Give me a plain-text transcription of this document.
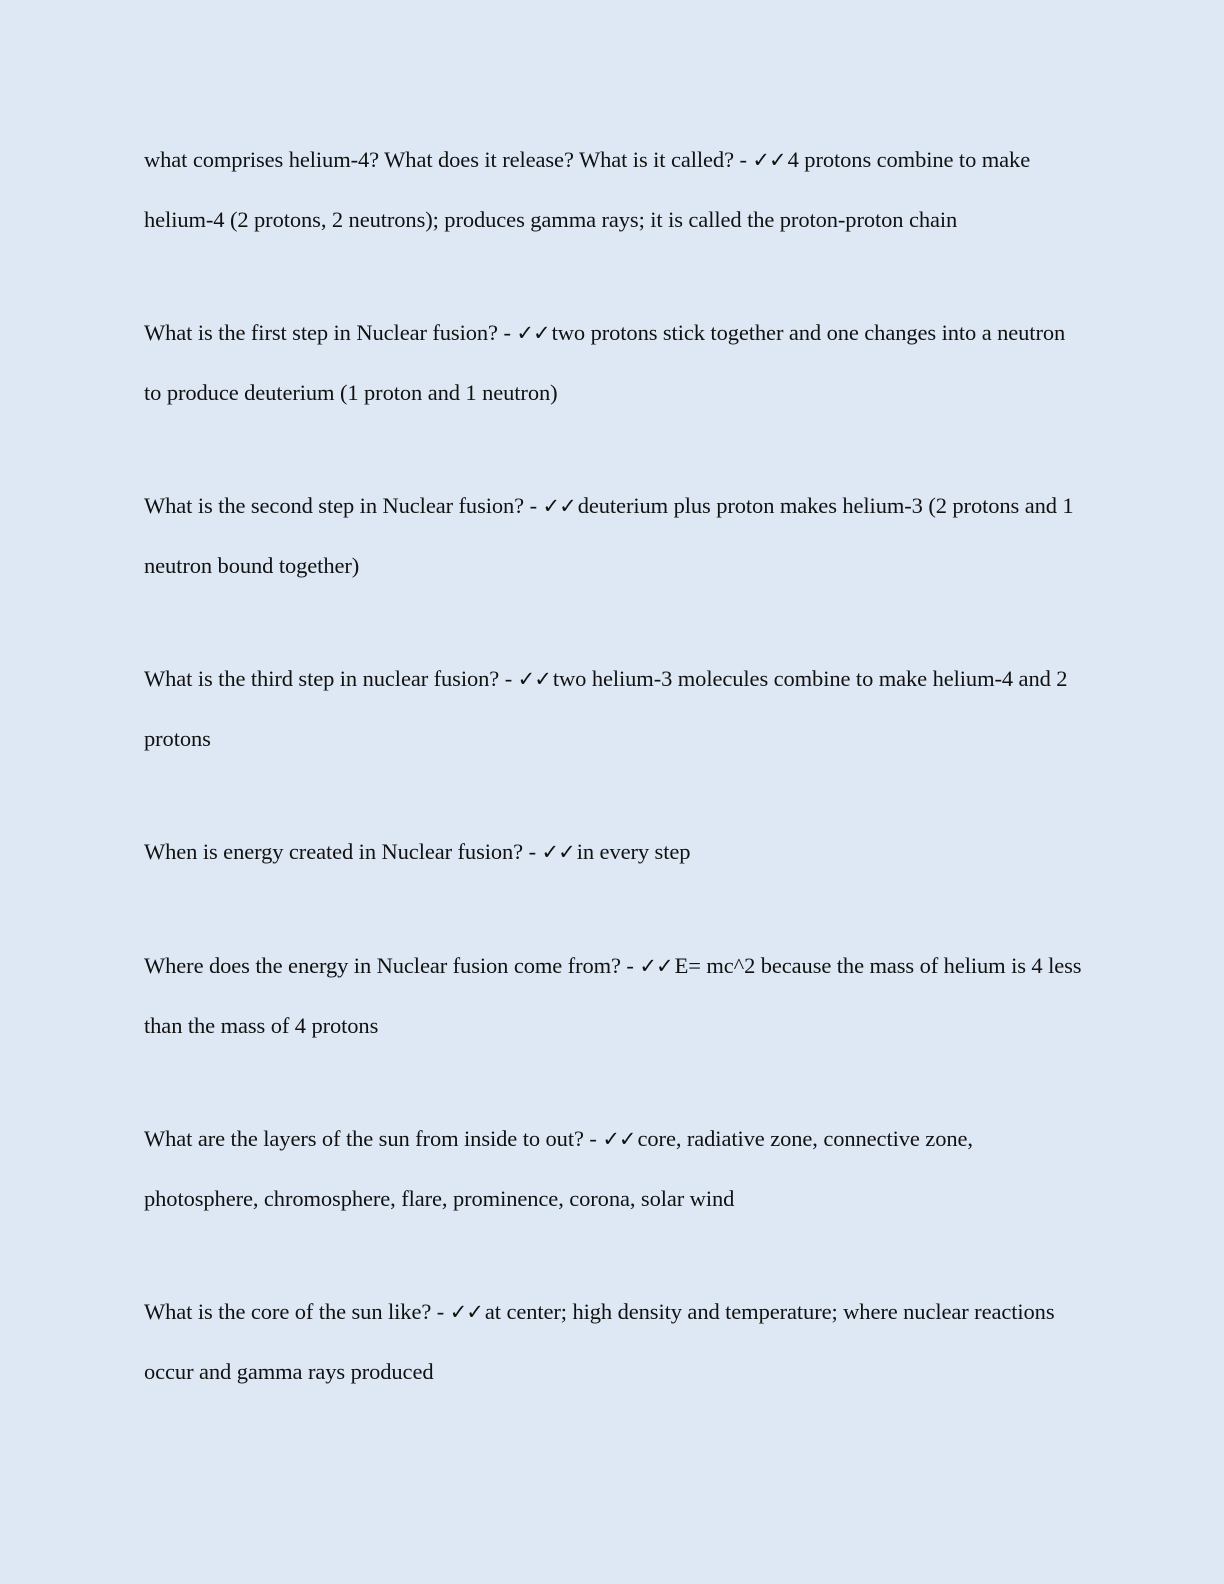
what comprises helium-4? What does it release? What is it called? - ✓✓4 protons combine to make helium-4 (2 protons, 2 neutrons); produces gamma rays; it is called the proton-proton chain

What is the first step in Nuclear fusion? - ✓✓two protons stick together and one changes into a neutron to produce deuterium (1 proton and 1 neutron)

What is the second step in Nuclear fusion? - ✓✓deuterium plus proton makes helium-3 (2 protons and 1 neutron bound together)

What is the third step in nuclear fusion? - ✓✓two helium-3 molecules combine to make helium-4 and 2 protons

When is energy created in Nuclear fusion? - ✓✓in every step

Where does the energy in Nuclear fusion come from? - ✓✓E= mc^2 because the mass of helium is 4 less than the mass of 4 protons

What are the layers of the sun from inside to out? - ✓✓core, radiative zone, connective zone, photosphere, chromosphere, flare, prominence, corona, solar wind

What is the core of the sun like? - ✓✓at center; high density and temperature; where nuclear reactions occur and gamma rays produced
